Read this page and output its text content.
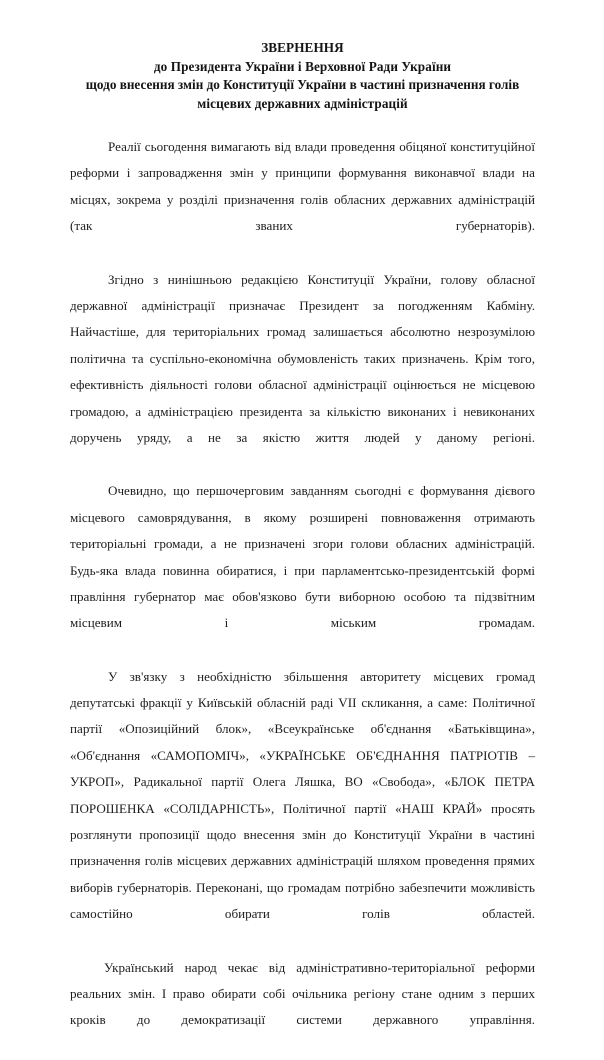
ЗВЕРНЕННЯ
до Президента України і Верховної Ради України
щодо внесення змін до Конституції України в частині призначення голів
місцевих державних адміністрацій

Реалії сьогодення вимагають від влади проведення обіцяної конституційної реформи і запровадження змін у принципи формування виконавчої влади на місцях, зокрема у розділі призначення голів обласних державних адміністрацій (так званих губернаторів).

Згідно з нинішньою редакцією Конституції України, голову обласної державної адміністрації призначає Президент за погодженням Кабміну. Найчастіше, для територіальних громад залишається абсолютно незрозумілою політична та суспільно-економічна обумовленість таких призначень. Крім того, ефективність діяльності голови обласної адміністрації оцінюється не місцевою громадою, а адміністрацією президента за кількістю виконаних і невиконаних доручень уряду, а не за якістю життя людей у даному регіоні.

Очевидно, що першочерговим завданням сьогодні є формування дієвого місцевого самоврядування, в якому розширені повноваження отримають територіальні громади, а не призначені згори голови обласних адміністрацій. Будь-яка влада повинна обиратися, і при парламентсько-президентській формі правління губернатор має обов'язково бути виборною особою та підзвітним місцевим і міським громадам.

У зв'язку з необхідністю збільшення авторитету місцевих громад депутатські фракції у Київській обласній раді VII скликання, а саме: Політичної партії «Опозиційний блок», «Всеукраїнське об'єднання «Батьківщина», «Об'єднання «САМОПОМІЧ», «УКРАЇНСЬКЕ ОБ'ЄДНАННЯ ПАТРІОТІВ – УКРОП», Радикальної партії Олега Ляшка, ВО «Свобода», «БЛОК ПЕТРА ПОРОШЕНКА «СОЛІДАРНІСТЬ», Політичної партії «НАШ КРАЙ» просять розглянути пропозиції щодо внесення змін до Конституції України в частині призначення голів місцевих державних адміністрацій шляхом проведення прямих виборів губернаторів. Переконані, що громадам потрібно забезпечити можливість самостійно обирати голів областей.

Український народ чекає від адміністративно-територіальної реформи реальних змін. І право обирати собі очільника регіону стане одним з перших кроків до демократизації системи державного управління.
